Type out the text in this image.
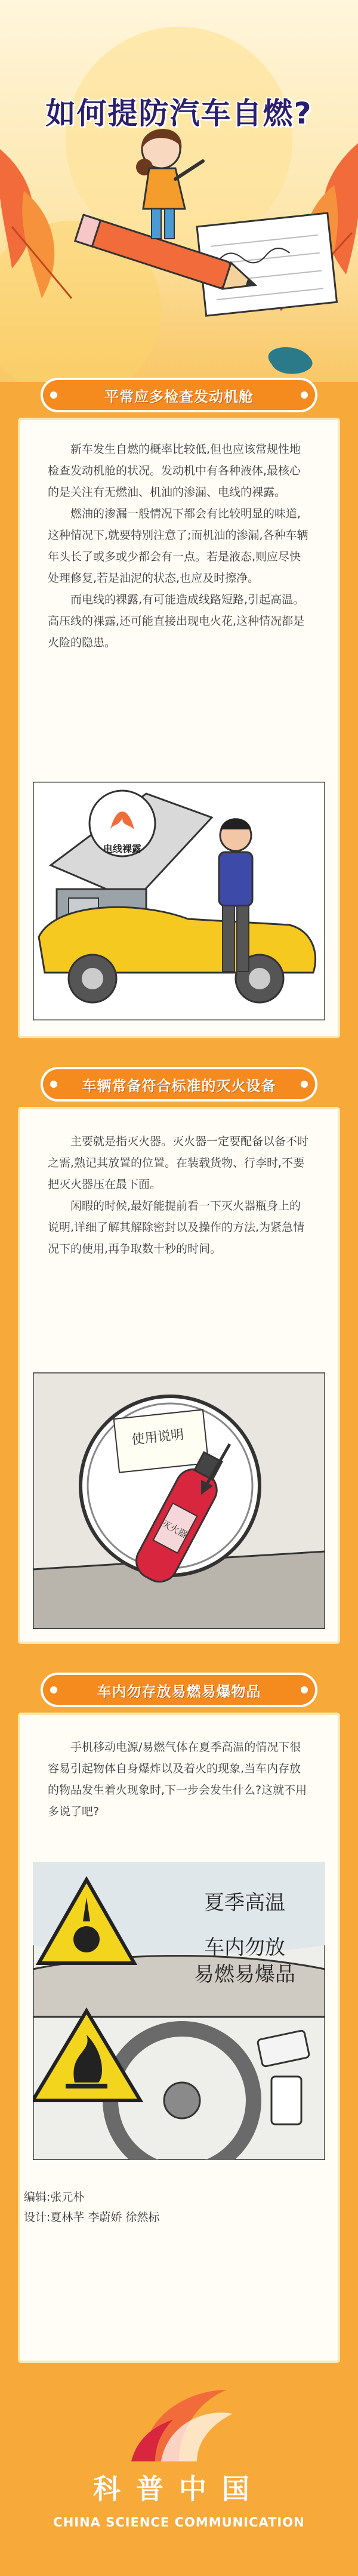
如何提防汽车自燃?
平常应多检查发动机舱

新车发生自燃的概率比较低,但也应该常规性地检查发动机舱的状况。发动机中有各种液体,最核心的是关注有无燃油、机油的渗漏、电线的裸露。

燃油的渗漏一般情况下都会有比较明显的味道,这种情况下,就要特别注意了;而机油的渗漏,各种车辆年头长了或多或少都会有一点。若是液态,则应尽快处理修复,若是油泥的状态,也应及时擦净。

而电线的裸露,有可能造成线路短路,引起高温。高压线的裸露,还可能直接出现电火花,这种情况都是火险的隐患。

电线裸露
车辆常备符合标准的灭火设备

主要就是指灭火器。灭火器一定要配备以备不时之需,熟记其放置的位置。在装载货物、行李时,不要把灭火器压在最下面。

闲暇的时候,最好能提前看一下灭火器瓶身上的说明,详细了解其解除密封以及操作的方法,为紧急情况下的使用,再争取数十秒的时间。

使用说明
灭火器
车内勿存放易燃易爆物品

手机移动电源/易燃气体在夏季高温的情况下很容易引起物体自身爆炸以及着火的现象,当车内存放的物品发生着火现象时,下一步会发生什么?这就不用多说了吧?

夏季高温
车内勿放
易燃易爆品
编辑:张元朴
设计:夏林芊 李蔚娇 徐然标
科普中国
CHINA SCIENCE COMMUNICATION
